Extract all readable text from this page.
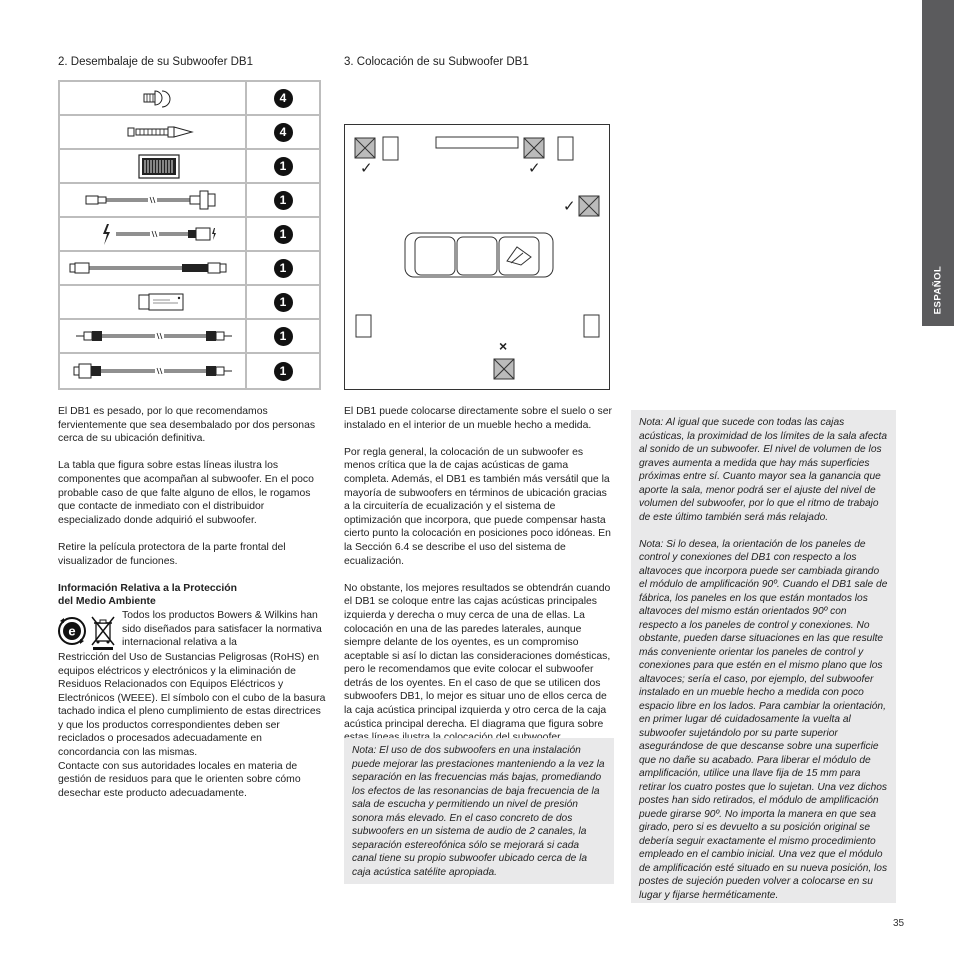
ESPAÑOL
2. Desembalaje de su Subwoofer DB1
4
4
1
1
1
1
1
1
1

El DB1 es pesado, por lo que recomendamos fervientemente que sea desembalado por dos personas cerca de su ubicación definitiva.

La tabla que figura sobre estas líneas ilustra los componentes que acompañan al subwoofer. En el poco probable caso de que falte alguno de ellos, le rogamos que contacte de inmediato con el distribuidor especializado donde adquirió el subwoofer.

Retire la película protectora de la parte frontal del visualizador de funciones.

Información Relativa a la Protección
del Medio Ambiente
e
Todos los productos Bowers & Wilkins han sido diseñados para satisfacer la normativa internacional relativa a la
Restricción del Uso de Sustancias Peligrosas (RoHS) en equipos eléctricos y electrónicos y la eliminación de Residuos Relacionados con Equipos Eléctricos y Electrónicos (WEEE). El símbolo con el cubo de la basura tachado indica el pleno cumplimiento de estas directrices y que los productos correspondientes deben ser reciclados o procesados adecuadamente en concordancia con las mismas.
Contacte con sus autoridades locales en materia de gestión de residuos para que le orienten sobre cómo desechar este producto adecuadamente.
3. Colocación de su Subwoofer DB1
✓	✓
✓
×

El DB1 puede colocarse directamente sobre el suelo o ser instalado en el interior de un mueble hecho a medida.

Por regla general, la colocación de un subwoofer es menos crítica que la de cajas acústicas de gama completa. Además, el DB1 es también más versátil que la mayoría de subwoofers en términos de ubicación gracias a la circuitería de ecualización y el sistema de optimización que incorpora, que puede compensar hasta cierto punto la colocación en posiciones poco idóneas. En la Sección 6.4 se describe el uso del sistema de ecualización.

No obstante, los mejores resultados se obtendrán cuando el DB1 se coloque entre las cajas acústicas principales izquierda y derecha o muy cerca de una de ellas. La colocación en una de las paredes laterales, aunque siempre delante de los oyentes, es un compromiso aceptable si así lo dictan las consideraciones domésticas, pero le recomendamos que evite colocar el subwoofer detrás de los oyentes. En el caso de que se utilicen dos subwoofers DB1, lo mejor es situar uno de ellos cerca de la caja acústica principal izquierda y otro cerca de la caja acústica principal derecha. El diagrama que figura sobre

Nota: El uso de dos subwoofers en una instalación puede mejorar las prestaciones manteniendo a la vez la separación en las frecuencias más bajas, promediando los efectos de las resonancias de baja frecuencia de la sala de escucha y permitiendo un nivel de presión sonora más elevado. En el caso concreto de dos subwoofers en un sistema de audio de 2 canales, la separación estereofónica sólo se mejorará si cada canal tiene su propio subwoofer ubicado cerca de la caja acústica satélite apropiada.

Nota: Al igual que sucede con todas las cajas acústicas, la proximidad de los límites de la sala afecta al sonido de un subwoofer. El nivel de volumen de los graves aumenta a medida que hay más superficies próximas entre sí. Cuanto mayor sea la ganancia que aporte la sala, menor podrá ser el ajuste del nivel de volumen del subwoofer, por lo que el ritmo de trabajo de este último también será más relajado.

Nota: Si lo desea, la orientación de los paneles de control y conexiones del DB1 con respecto a los altavoces que incorpora puede ser cambiada girando el módulo de amplificación 90º. Cuando el DB1 sale de fábrica, los paneles en los que están montados los altavoces del mismo están orientados 90º con respecto a los paneles de control y conexiones. No obstante, pueden darse situaciones en las que resulte más conveniente orientar los paneles de control y conexiones para que estén en el mismo plano que los altavoces; sería el caso, por ejemplo, del subwoofer instalado en un mueble hecho a medida con poco espacio libre en los lados. Para cambiar la orientación, en primer lugar dé cuidadosamente la vuelta al subwoofer sujetándolo por su parte superior asegurándose de que descanse sobre una superficie que no dañe su acabado. Para liberar el módulo de amplificación, utilice una llave fija de 15 mm para retirar los cuatro postes que lo sujetan. Una vez dichos postes han sido retirados, el módulo de amplificación puede girarse 90º. No importa la manera en que sea girado, pero si es devuelto a su posición original se debería seguir exactamente el mismo procedimiento empleado en el cambio inicial. Una vez que el módulo de amplificación esté situado en su nueva posición, los postes de sujeción pueden volver a colocarse en su lugar y fijarse herméticamente.

35
